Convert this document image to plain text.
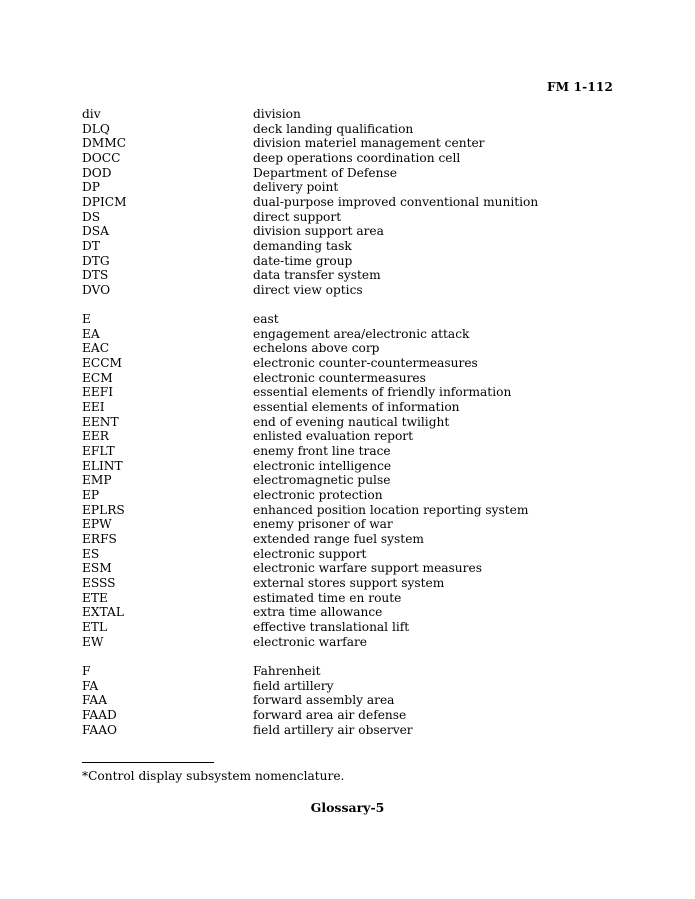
FM 1-112
div	division
DLQ	deck landing qualification
DMMC	division materiel management center
DOCC	deep operations coordination cell
DOD	Department of Defense
DP	delivery point
DPICM	dual-purpose improved conventional munition
DS	direct support
DSA	division support area
DT	demanding task
DTG	date-time group
DTS	data transfer system
DVO	direct view optics
E	east
EA	engagement area/electronic attack
EAC	echelons above corp
ECCM	electronic counter-countermeasures
ECM	electronic countermeasures
EEFI	essential elements of friendly information
EEI	essential elements of information
EENT	end of evening nautical twilight
EER	enlisted evaluation report
EFLT	enemy front line trace
ELINT	electronic intelligence
EMP	electromagnetic pulse
EP	electronic protection
EPLRS	enhanced position location reporting system
EPW	enemy prisoner of war
ERFS	extended range fuel system
ES	electronic support
ESM	electronic warfare support measures
ESSS	external stores support system
ETE	estimated time en route
EXTAL	extra time allowance
ETL	effective translational lift
EW	electronic warfare
F	Fahrenheit
FA	field artillery
FAA	forward assembly area
FAAD	forward area air defense
FAAO	field artillery air observer
*Control display subsystem nomenclature.
Glossary-5
